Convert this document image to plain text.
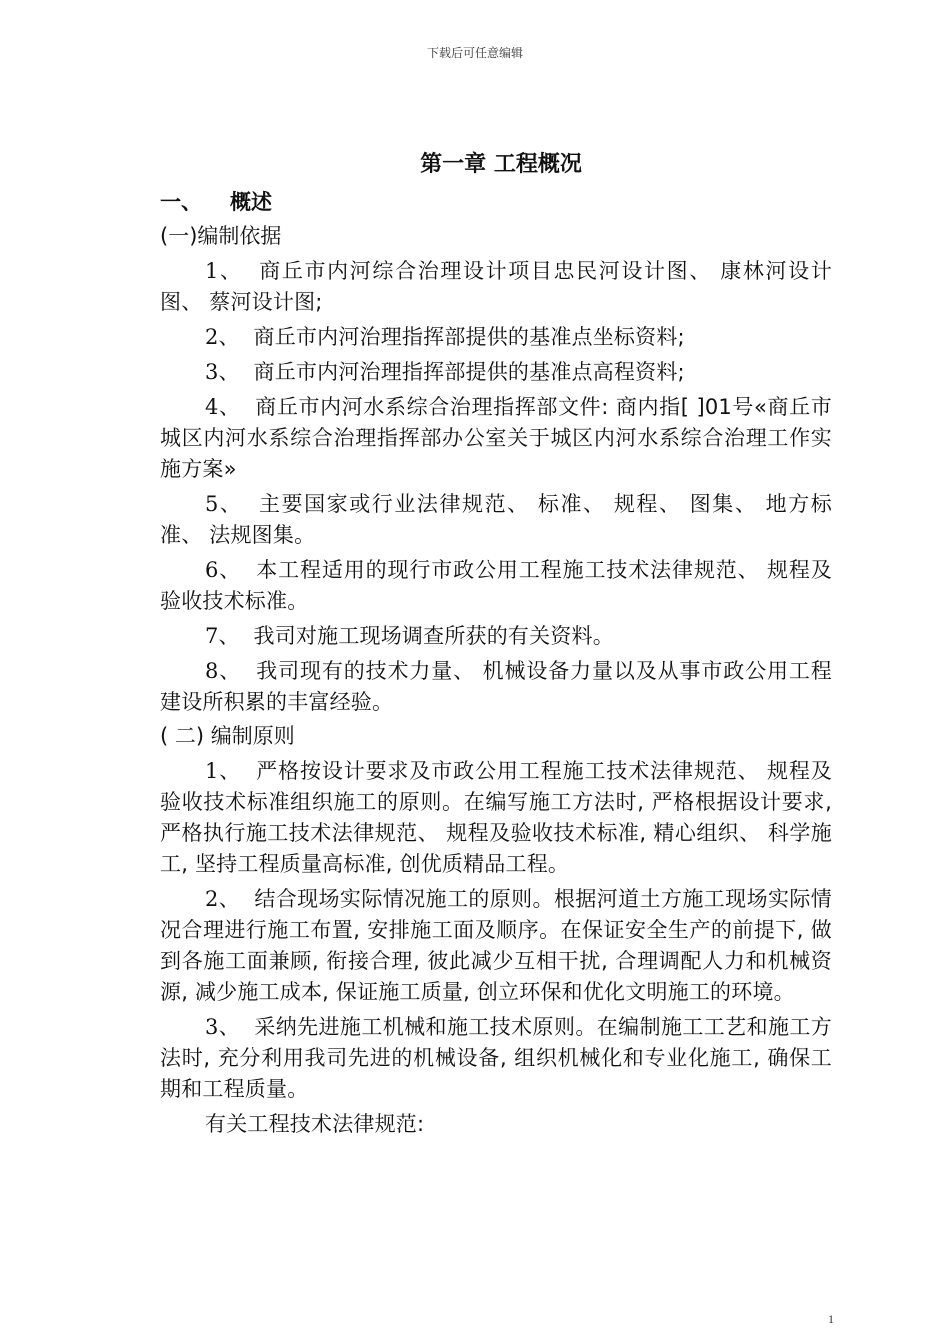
下载后可任意编辑
第一章 工程概况
一、 概述
(一)编制依据

1、 商丘市内河综合治理设计项目忠民河设计图、 康林河设计图、 蔡河设计图;

2、 商丘市内河治理指挥部提供的基准点坐标资料;

3、 商丘市内河治理指挥部提供的基准点高程资料;

4、 商丘市内河水系综合治理指挥部文件: 商内指[ ]01号«商丘市城区内河水系综合治理指挥部办公室关于城区内河水系综合治理工作实施方案»

5、 主要国家或行业法律规范、 标准、 规程、 图集、 地方标准、 法规图集。

6、 本工程适用的现行市政公用工程施工技术法律规范、 规程及验收技术标准。

7、 我司对施工现场调查所获的有关资料。

8、 我司现有的技术力量、 机械设备力量以及从事市政公用工程建设所积累的丰富经验。

( 二) 编制原则

1、 严格按设计要求及市政公用工程施工技术法律规范、 规程及验收技术标准组织施工的原则。在编写施工方法时, 严格根据设计要求, 严格执行施工技术法律规范、 规程及验收技术标准, 精心组织、 科学施工, 坚持工程质量高标准, 创优质精品工程。

2、 结合现场实际情况施工的原则。根据河道土方施工现场实际情况合理进行施工布置, 安排施工面及顺序。在保证安全生产的前提下, 做到各施工面兼顾, 衔接合理, 彼此减少互相干扰, 合理调配人力和机械资源, 减少施工成本, 保证施工质量, 创立环保和优化文明施工的环境。

3、 采纳先进施工机械和施工技术原则。在编制施工工艺和施工方法时, 充分利用我司先进的机械设备, 组织机械化和专业化施工, 确保工期和工程质量。

有关工程技术法律规范:

1
